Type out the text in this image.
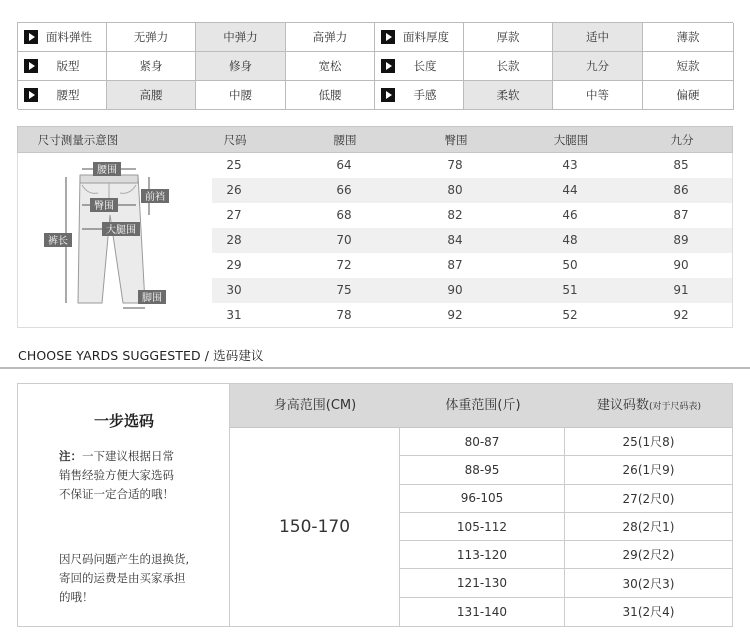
面料弹性	无弹力	中弹力	高弹力	面料厚度	厚款	适中	薄款
版型	紧身	修身	宽松	长度	长款	九分	短款
腰型	高腰	中腰	低腰	手感	柔软	中等	偏硬
尺寸测量示意图	尺码	腰围	臀围	大腿围	九分
腰围
臀围
前裆
大腿围
裤长
脚围
25	64	78	43	85
26	66	80	44	86
27	68	82	46	87
28	70	84	48	89
29	72	87	50	90
30	75	90	51	91
31	78	92	52	92
CHOOSE YARDS SUGGESTED / 选码建议
一步选码
注：一下建议根据日常
销售经验方便大家选码
不保证一定合适的哦！
因尺码问题产生的退换货,
寄回的运费是由买家承担
的哦！
身高范围(CM)	体重范围(斤)	建议码数(对于尺码表)
150-170
80-87	25(1尺8)
88-95	26(1尺9)
96-105	27(2尺0)
105-112	28(2尺1)
113-120	29(2尺2)
121-130	30(2尺3)
131-140	31(2尺4)
